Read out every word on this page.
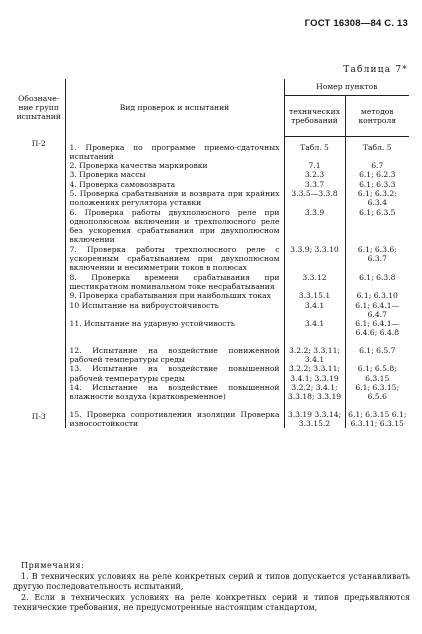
ГОСТ 16308—84 С. 13
Таблица 7*
Обозначе-ние групп испытаний	Вид проверок и испытаний	Номер пунктов	
		технических требований	методов контроля
П-2	1. Проверка по программе приемо-сдаточных испытаний	Табл. 5	Табл. 5
	2. Проверка качества маркировки	7.1	6.7
	3. Проверка массы	3.2.3	6.1; 6.2.3
	4. Проверка самовозврата	3.3.7	6.1; 6.3.3
	5. Проверка срабатывания и возврата при крайних положениях регулятора уставки	3.3.5—3.3.8	6.1; 6.3.2; 6.3.4
	6. Проверка работы двухполюсного реле при однополюсном включении и трехполюсного реле без ускорения срабатывания при двухполюсном включении	3.3.9	6.1; 6.3.5
	7. Проверка работы трехполюсного реле с ускоренным срабатыванием при двухполюсном включении и несимметрии токов в полюсах	3.3.9; 3.3.10	6.1; 6.3.6; 6.3.7
	8. Проверка времени срабатывания при шестикратном номинальном токе несрабатывания	3.3.12	6.1; 6.3.8
	9. Проверка срабатывания при наибольших токах	3.3.15.1	6.1; 6.3.10
	10 Испытание на виброустойчивость	3.4.1	6.1; 6.4.1—6.4.7
	11. Испытание на ударную устойчивость	3.4.1	6.1; 6.4.1— 6.4.6; 6.4.8

	12. Испытание на воздействие пониженной рабочей температуры среды	3.2.2; 3.3.11; 3.4.1	6.1; 6.5.7
	13. Испытание на воздействие повышенной рабочей температуры среды	3.2.2; 3.3.11; 3.4.1; 3.3.19	6.1; 6.5.8; 6.3.15
	14. Испытание на воздействие повышенной влажности воздуха (кратковременное)	3.2.2; 3.4.1; 3.3.18; 3.3.19	6.1; 6.3.15; 6.5.6

П-3	15. Проверка сопротивления изоляции Проверка износостойкости	3.3.19 3.3.14; 3.3.15.2	6.1; 6.3.15 6.1; 6.3.11; 6.3.15
Примечания:
1. В технических условиях на реле конкретных серий и типов допускается устанавливать другую последовательность испытаний,
2. Если в технических условиях на реле конкретных серий и типов предъявляются технические требования, не предусмотренные настоящим стандартом,
